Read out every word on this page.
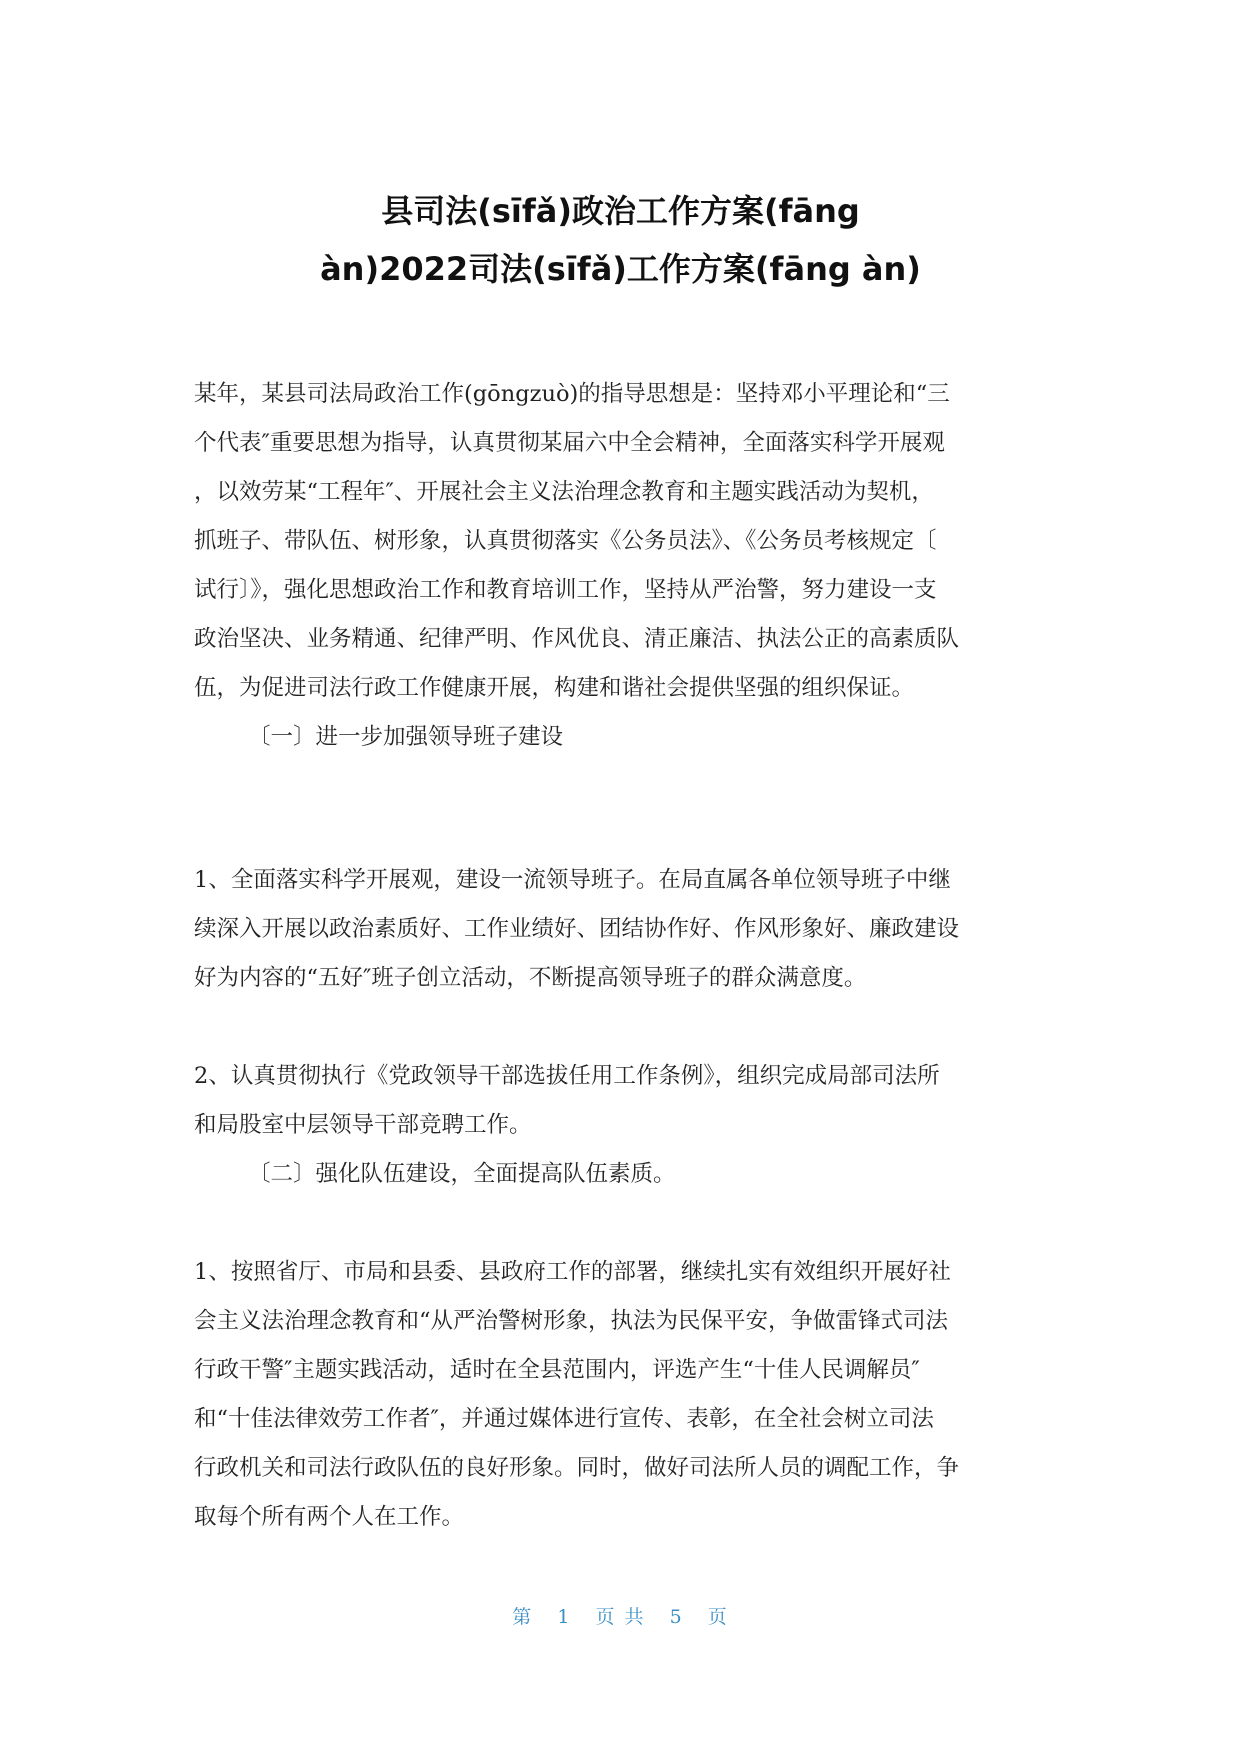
县司法(sīfǎ)政治工作方案(fāng
àn)2022司法(sīfǎ)工作方案(fāng àn)
某年，某县司法局政治工作(gōngzuò)的指导思想是：坚持邓小平理论和“三
个代表″重要思想为指导，认真贯彻某届六中全会精神，全面落实科学开展观
，以效劳某“工程年″、开展社会主义法治理念教育和主题实践活动为契机，
抓班子、带队伍、树形象，认真贯彻落实《公务员法》、《公务员考核规定〔
试行〕》，强化思想政治工作和教育培训工作，坚持从严治警，努力建设一支
政治坚决、业务精通、纪律严明、作风优良、清正廉洁、执法公正的高素质队
伍，为促进司法行政工作健康开展，构建和谐社会提供坚强的组织保证。
〔一〕进一步加强领导班子建设
1、全面落实科学开展观，建设一流领导班子。在局直属各单位领导班子中继
续深入开展以政治素质好、工作业绩好、团结协作好、作风形象好、廉政建设
好为内容的“五好″班子创立活动，不断提高领导班子的群众满意度。
2、认真贯彻执行《党政领导干部选拔任用工作条例》，组织完成局部司法所
和局股室中层领导干部竞聘工作。
〔二〕强化队伍建设，全面提高队伍素质。
1、按照省厅、市局和县委、县政府工作的部署，继续扎实有效组织开展好社
会主义法治理念教育和“从严治警树形象，执法为民保平安，争做雷锋式司法
行政干警″主题实践活动，适时在全县范围内，评选产生“十佳人民调解员″
和“十佳法律效劳工作者″，并通过媒体进行宣传、表彰，在全社会树立司法
行政机关和司法行政队伍的良好形象。同时，做好司法所人员的调配工作，争
取每个所有两个人在工作。
第 1 页 共 5 页
